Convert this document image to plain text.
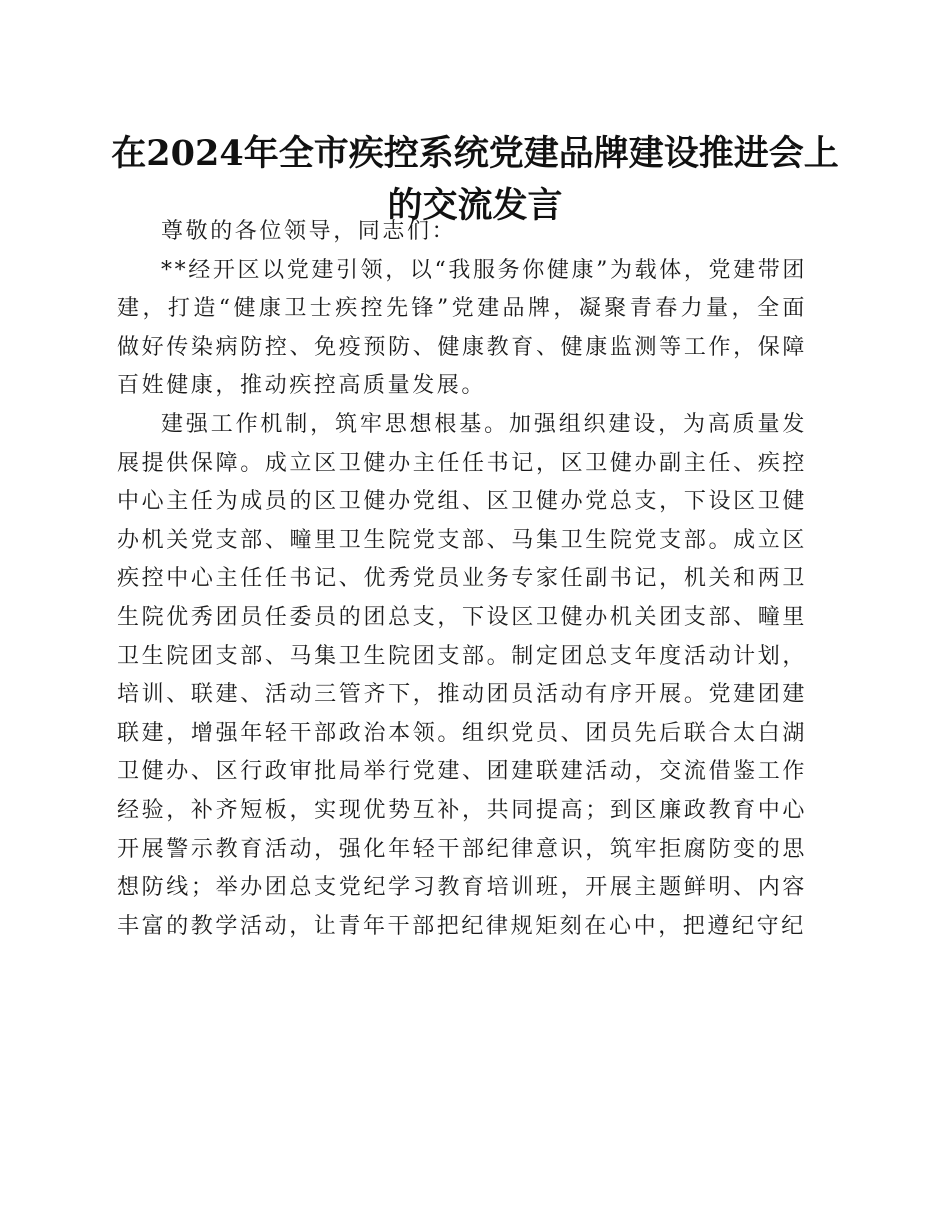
在2024年全市疾控系统党建品牌建设推进会上
的交流发言

尊敬的各位领导，同志们：

**经开区以党建引领，以“我服务你健康”为载体，党建带团建，打造“健康卫士疾控先锋”党建品牌，凝聚青春力量，全面做好传染病防控、免疫预防、健康教育、健康监测等工作，保障百姓健康，推动疾控高质量发展。

建强工作机制，筑牢思想根基。加强组织建设，为高质量发展提供保障。成立区卫健办主任任书记，区卫健办副主任、疾控中心主任为成员的区卫健办党组、区卫健办党总支，下设区卫健办机关党支部、疃里卫生院党支部、马集卫生院党支部。成立区疾控中心主任任书记、优秀党员业务专家任副书记，机关和两卫生院优秀团员任委员的团总支，下设区卫健办机关团支部、疃里卫生院团支部、马集卫生院团支部。制定团总支年度活动计划，培训、联建、活动三管齐下，推动团员活动有序开展。党建团建联建，增强年轻干部政治本领。组织党员、团员先后联合太白湖卫健办、区行政审批局举行党建、团建联建活动，交流借鉴工作经验，补齐短板，实现优势互补，共同提高；到区廉政教育中心开展警示教育活动，强化年轻干部纪律意识，筑牢拒腐防变的思想防线；举办团总支党纪学习教育培训班，开展主题鲜明、内容丰富的教学活动，让青年干部把纪律规矩刻在心中，把遵纪守纪
